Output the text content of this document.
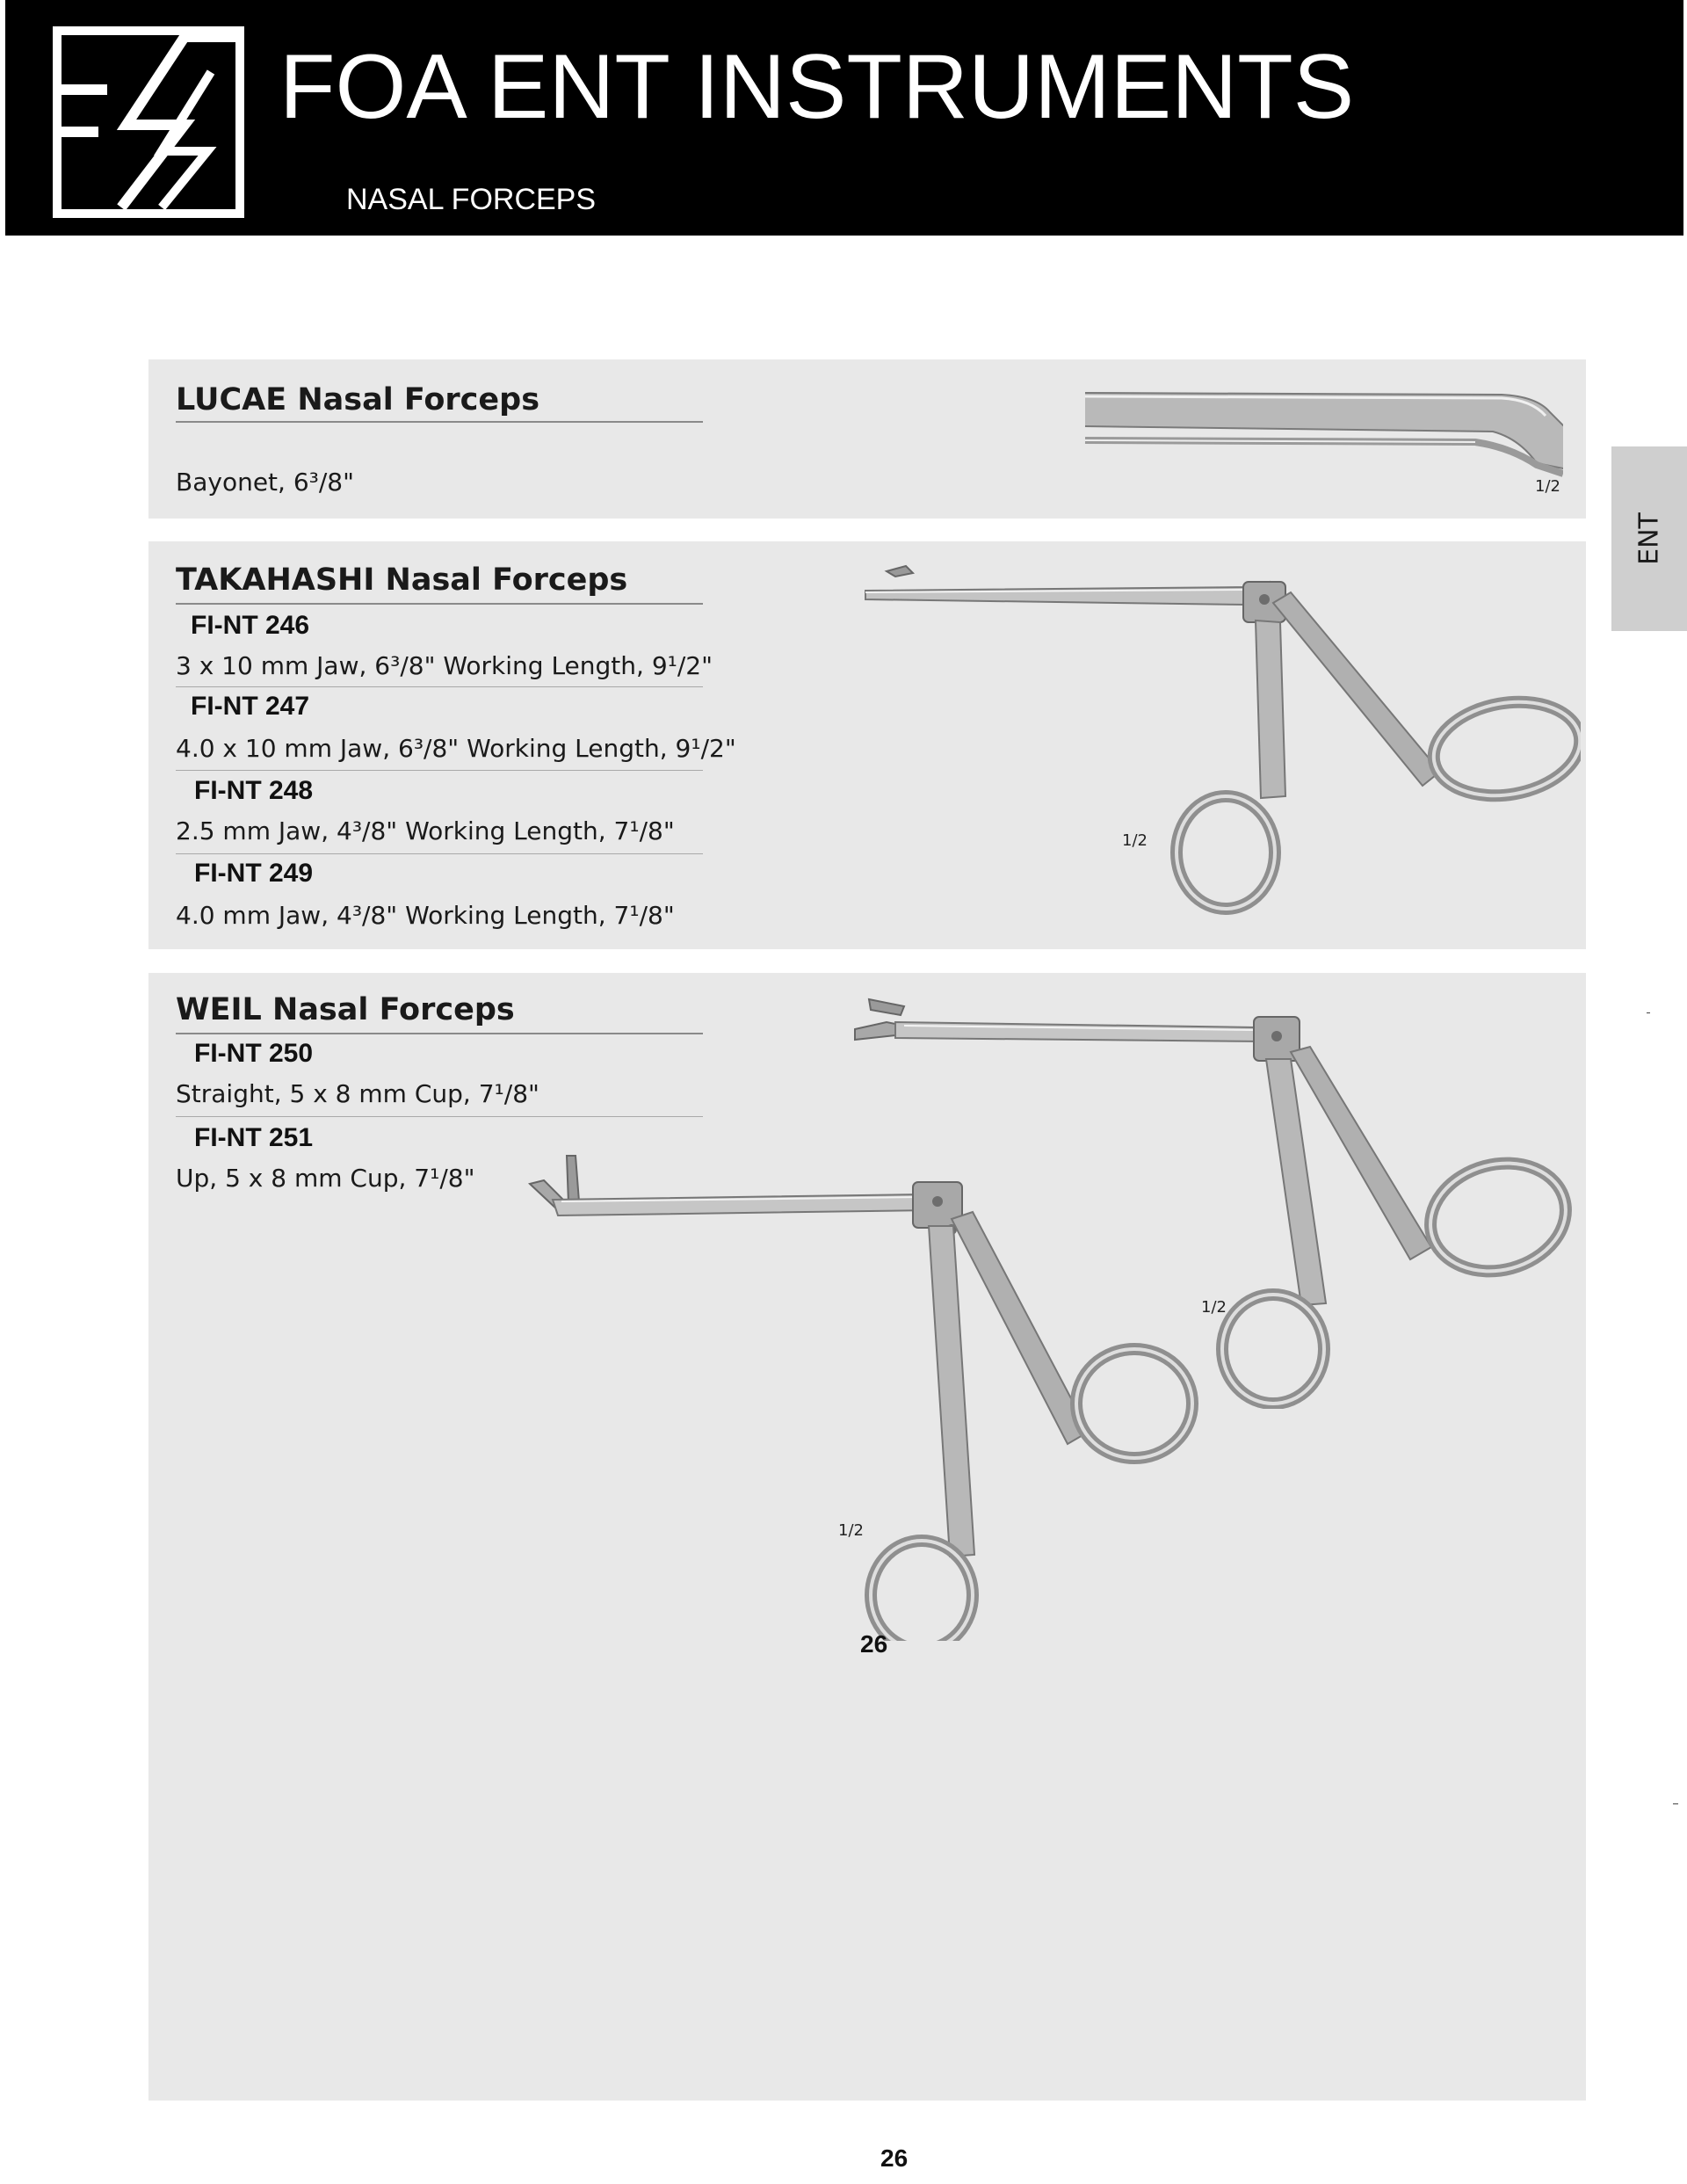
FOA ENT INSTRUMENTS
NASAL FORCEPS
ENT
LUCAE Nasal Forceps
Bayonet, 6³/8"	1/2
TAKAHASHI Nasal Forceps
FI-NT 246
3 x 10 mm Jaw, 6³/8" Working Length, 9¹/2"
FI-NT 247
4.0 x 10 mm Jaw, 6³/8" Working Length, 9¹/2"
FI-NT 248
2.5 mm Jaw, 4³/8" Working Length, 7¹/8"
FI-NT 249
4.0 mm Jaw, 4³/8" Working Length, 7¹/8"
1/2
WEIL Nasal Forceps
FI-NT 250
Straight, 5 x 8 mm Cup, 7¹/8"
FI-NT 251
Up, 5 x 8 mm Cup, 7¹/8"
1/2
1/2
26
26
